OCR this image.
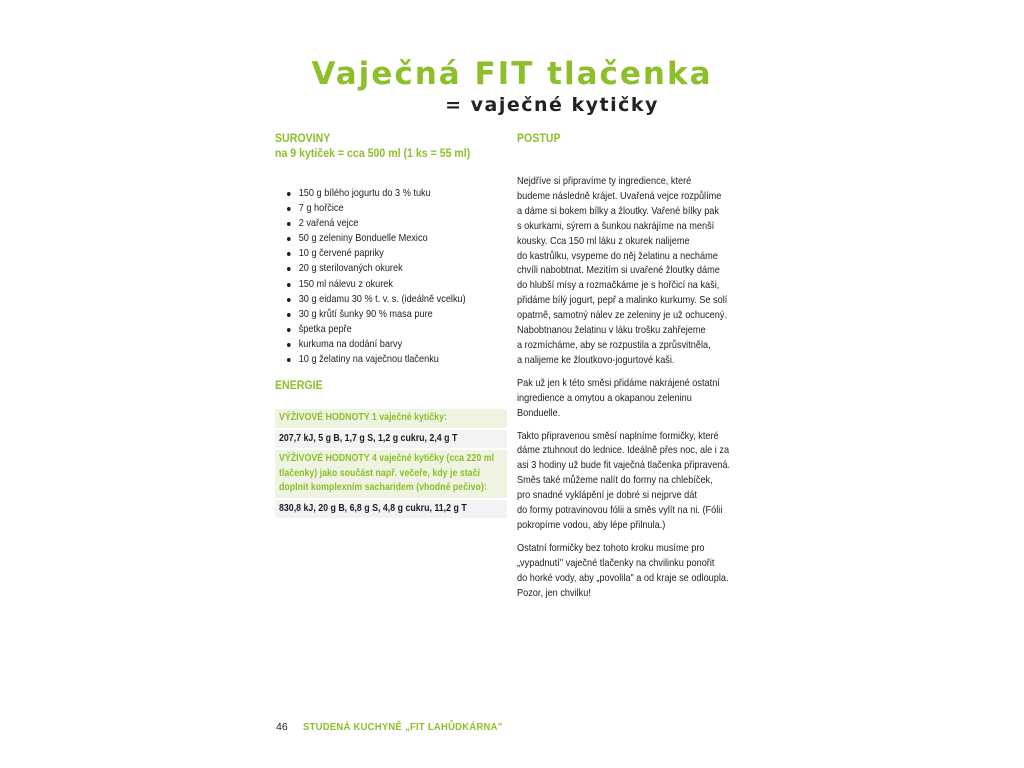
Vaječná FIT tlačenka
= vaječné kytičky

SUROVINY

na 9 kytiček = cca 500 ml (1 ks = 55 ml)

150 g bílého jogurtu do 3 % tuku
7 g hořčice
2 vařená vejce
50 g zeleniny Bonduelle Mexico
10 g červené papriky
20 g sterilovaných okurek
150 ml nálevu z okurek
30 g eidamu 30 % t. v. s. (ideálně vcelku)
30 g krůtí šunky 90 % masa pure
špetka pepře
kurkuma na dodání barvy
10 g želatiny na vaječnou tlačenku

ENERGIE

VÝŽIVOVÉ HODNOTY 1 vaječné kytičky:
207,7 kJ, 5 g B, 1,7 g S, 1,2 g cukru, 2,4 g T
VÝŽIVOVÉ HODNOTY 4 vaječné kytičky (cca 220 ml
tlačenky) jako součást např. večeře, kdy je stačí
doplnit komplexním sacharidem (vhodné pečivo):
830,8 kJ, 20 g B, 6,8 g S, 4,8 g cukru, 11,2 g T

POSTUP

Nejdříve si připravíme ty ingredience, které
budeme následně krájet. Uvařená vejce rozpůlíme
a dáme si bokem bílky a žloutky. Vařené bílky pak
s okurkami, sýrem a šunkou nakrájíme na menší
kousky. Cca 150 ml láku z okurek nalijeme
do kastrůlku, vsypeme do něj želatinu a necháme
chvíli nabobtnat. Mezitím si uvařené žloutky dáme
do hlubší mísy a rozmačkáme je s hořčicí na kaši,
přidáme bílý jogurt, pepř a malinko kurkumy. Se solí
opatrně, samotný nálev ze zeleniny je už ochucený.
Nabobtnanou želatinu v láku trošku zahřejeme
a rozmícháme, aby se rozpustila a zprůsvitněla,
a nalijeme ke žloutkovo-jogurtové kaši.
Pak už jen k této směsi přidáme nakrájené ostatní
ingredience a omytou a okapanou zeleninu
Bonduelle.
Takto připravenou směsí naplníme formičky, které
dáme ztuhnout do lednice. Ideálně přes noc, ale i za
asi 3 hodiny už bude fit vaječná tlačenka připravená.
Směs také můžeme nalít do formy na chlebíček,
pro snadné vyklápění je dobré si nejprve dát
do formy potravinovou fólii a směs vylít na ni. (Fólii
pokropíme vodou, aby lépe přilnula.)
Ostatní formičky bez tohoto kroku musíme pro
„vypadnutí" vaječné tlačenky na chvilinku ponořit
do horké vody, aby „povolila" a od kraje se odloupla.
Pozor, jen chvilku!
46 STUDENÁ KUCHYNĚ „FIT LAHŮDKÁRNA"
